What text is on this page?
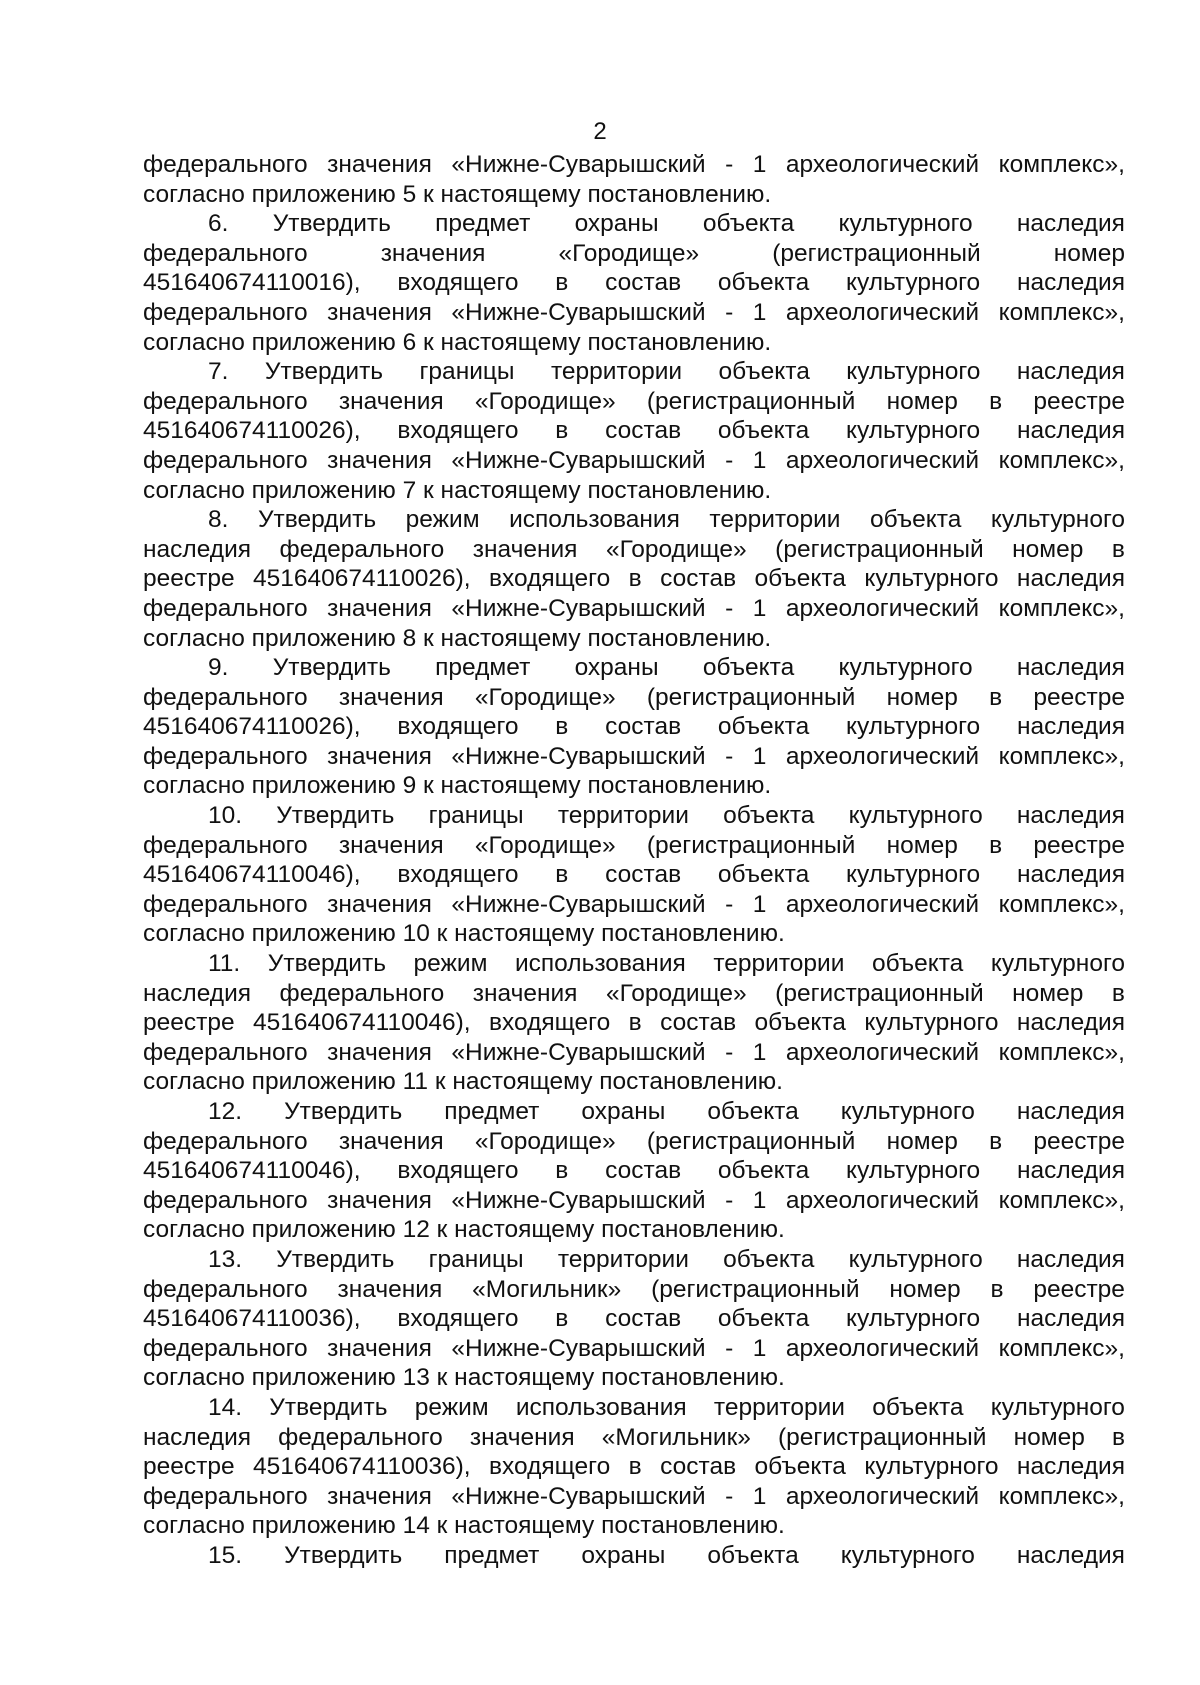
2
федерального значения «Нижне-Суварышский - 1 археологический комплекс»,
согласно приложению 5 к настоящему постановлению.
6. Утвердить предмет охраны объекта культурного наследия
федерального	значения	«Городище»	(регистрационный	номер
451640674110016), входящего в состав объекта культурного наследия
федерального значения «Нижне-Суварышский - 1 археологический комплекс»,
согласно приложению 6 к настоящему постановлению.
7. Утвердить границы территории объекта культурного наследия
федерального значения «Городище» (регистрационный номер в реестре
451640674110026), входящего в состав объекта культурного наследия
федерального значения «Нижне-Суварышский - 1 археологический комплекс»,
согласно приложению 7 к настоящему постановлению.
8. Утвердить режим использования территории объекта культурного
наследия федерального значения «Городище» (регистрационный номер в
реестре 451640674110026), входящего в состав объекта культурного наследия
федерального значения «Нижне-Суварышский - 1 археологический комплекс»,
согласно приложению 8 к настоящему постановлению.
9. Утвердить предмет охраны объекта культурного наследия
федерального значения «Городище» (регистрационный номер в реестре
451640674110026), входящего в состав объекта культурного наследия
федерального значения «Нижне-Суварышский - 1 археологический комплекс»,
согласно приложению 9 к настоящему постановлению.
10. Утвердить границы территории объекта культурного наследия
федерального значения «Городище» (регистрационный номер в реестре
451640674110046), входящего в состав объекта культурного наследия
федерального значения «Нижне-Суварышский - 1 археологический комплекс»,
согласно приложению 10 к настоящему постановлению.
11. Утвердить режим использования территории объекта культурного
наследия федерального значения «Городище» (регистрационный номер в
реестре 451640674110046), входящего в состав объекта культурного наследия
федерального значения «Нижне-Суварышский - 1 археологический комплекс»,
согласно приложению 11 к настоящему постановлению.
12. Утвердить предмет охраны объекта культурного наследия
федерального значения «Городище» (регистрационный номер в реестре
451640674110046), входящего в состав объекта культурного наследия
федерального значения «Нижне-Суварышский - 1 археологический комплекс»,
согласно приложению 12 к настоящему постановлению.
13. Утвердить границы территории объекта культурного наследия
федерального значения «Могильник» (регистрационный номер в реестре
451640674110036), входящего в состав объекта культурного наследия
федерального значения «Нижне-Суварышский - 1 археологический комплекс»,
согласно приложению 13 к настоящему постановлению.
14. Утвердить режим использования территории объекта культурного
наследия федерального значения «Могильник» (регистрационный номер в
реестре 451640674110036), входящего в состав объекта культурного наследия
федерального значения «Нижне-Суварышский - 1 археологический комплекс»,
согласно приложению 14 к настоящему постановлению.
15. Утвердить предмет охраны объекта культурного наследия
